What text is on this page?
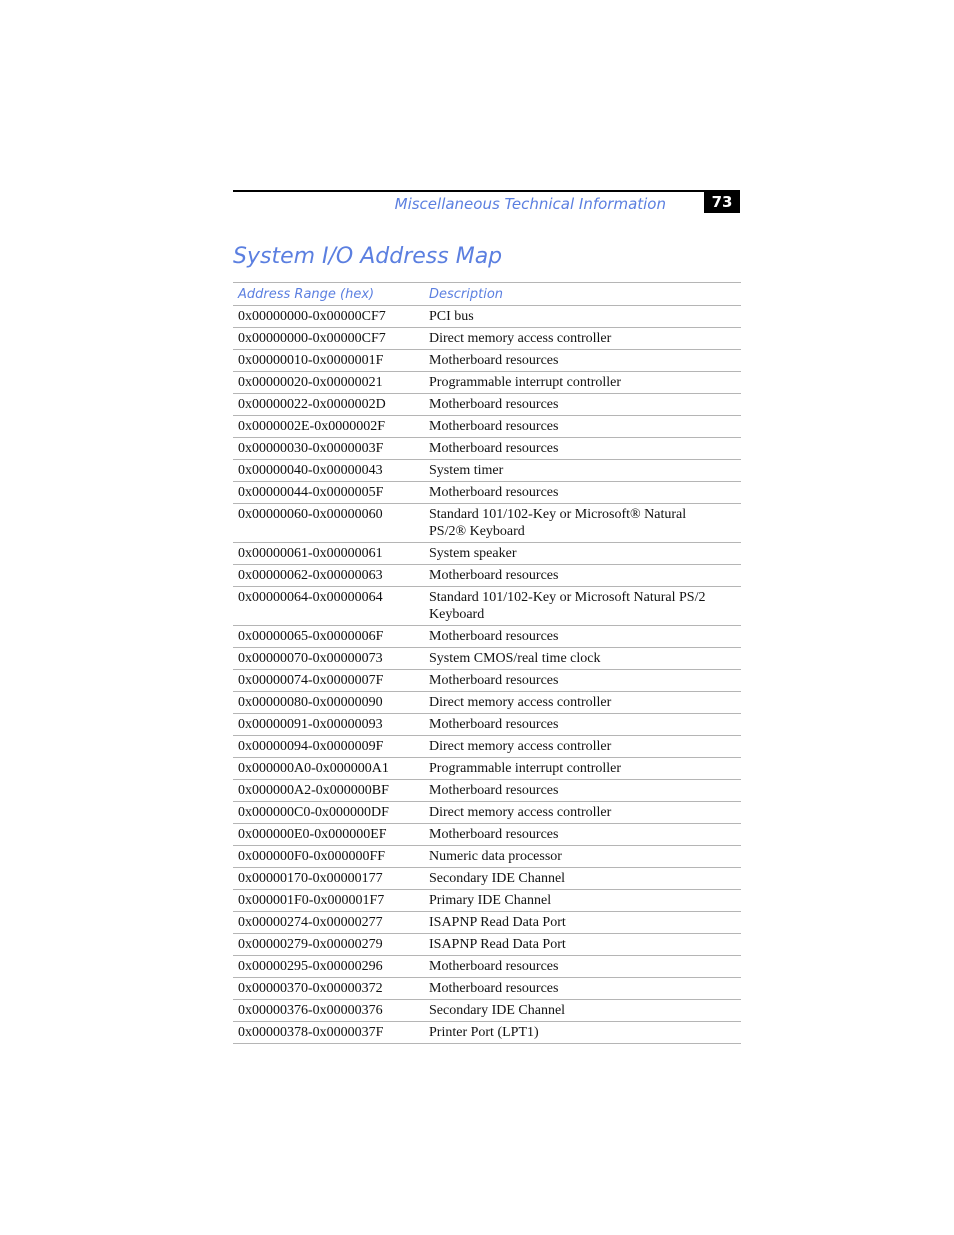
Miscellaneous Technical Information	73
System I/O Address Map
Address Range (hex)	Description
0x00000000-0x00000CF7	PCI bus
0x00000000-0x00000CF7	Direct memory access controller
0x00000010-0x0000001F	Motherboard resources
0x00000020-0x00000021	Programmable interrupt controller
0x00000022-0x0000002D	Motherboard resources
0x0000002E-0x0000002F	Motherboard resources
0x00000030-0x0000003F	Motherboard resources
0x00000040-0x00000043	System timer
0x00000044-0x0000005F	Motherboard resources
0x00000060-0x00000060	Standard 101/102-Key or Microsoft® Natural PS/2® Keyboard
0x00000061-0x00000061	System speaker
0x00000062-0x00000063	Motherboard resources
0x00000064-0x00000064	Standard 101/102-Key or Microsoft Natural PS/2 Keyboard
0x00000065-0x0000006F	Motherboard resources
0x00000070-0x00000073	System CMOS/real time clock
0x00000074-0x0000007F	Motherboard resources
0x00000080-0x00000090	Direct memory access controller
0x00000091-0x00000093	Motherboard resources
0x00000094-0x0000009F	Direct memory access controller
0x000000A0-0x000000A1	Programmable interrupt controller
0x000000A2-0x000000BF	Motherboard resources
0x000000C0-0x000000DF	Direct memory access controller
0x000000E0-0x000000EF	Motherboard resources
0x000000F0-0x000000FF	Numeric data processor
0x00000170-0x00000177	Secondary IDE Channel
0x000001F0-0x000001F7	Primary IDE Channel
0x00000274-0x00000277	ISAPNP Read Data Port
0x00000279-0x00000279	ISAPNP Read Data Port
0x00000295-0x00000296	Motherboard resources
0x00000370-0x00000372	Motherboard resources
0x00000376-0x00000376	Secondary IDE Channel
0x00000378-0x0000037F	Printer Port (LPT1)
